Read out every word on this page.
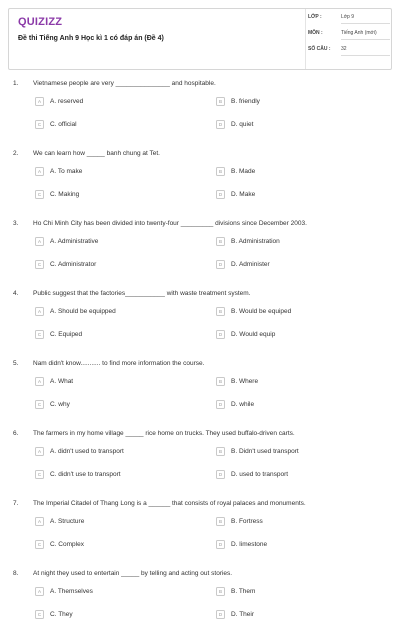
QUIZIZZ
Đề thi Tiếng Anh 9 Học kì 1 có đáp án (Đề 4)
LỚP :	Lớp 9
MÔN :	Tiếng Anh (mới)
SỐ CÂU : 32
1. Vietnamese people are very _______________ and hospitable.
A	A. reserved	B	B. friendly
C	C. official	D	D. quiet
2. We can learn how _____ banh chung at Tet.
A	A. To make	B	B. Made
C	C. Making	D	D. Make
3. Ho Chi Minh City has been divided into twenty-four _________ divisions since December 2003.
A	A. Administrative	B	B. Administration
C	C. Administrator	D	D. Administer
4. Public suggest that the factories___________ with waste treatment system.
A	A. Should be equipped	B	B. Would be equiped
C	C. Equiped	D	D. Would equip
5. Nam didn't know........... to find more information the course.
A	A. What	B	B. Where
C	C. why	D	D. while
6. The farmers in my home village _____ rice home on trucks. They used buffalo-driven carts.
A	A. didn't used to transport	B	B. Didn't used transport
C	C. didn't use to transport	D	D. used to transport
7. The Imperial Citadel of Thang Long is a ______ that consists of royal palaces and monuments.
A	A. Structure	B	B. Fortress
C	C. Complex	D	D. limestone
8. At night they used to entertain _____ by telling and acting out stories.
A	A. Themselves	B	B. Them
C	C. They	D	D. Their
